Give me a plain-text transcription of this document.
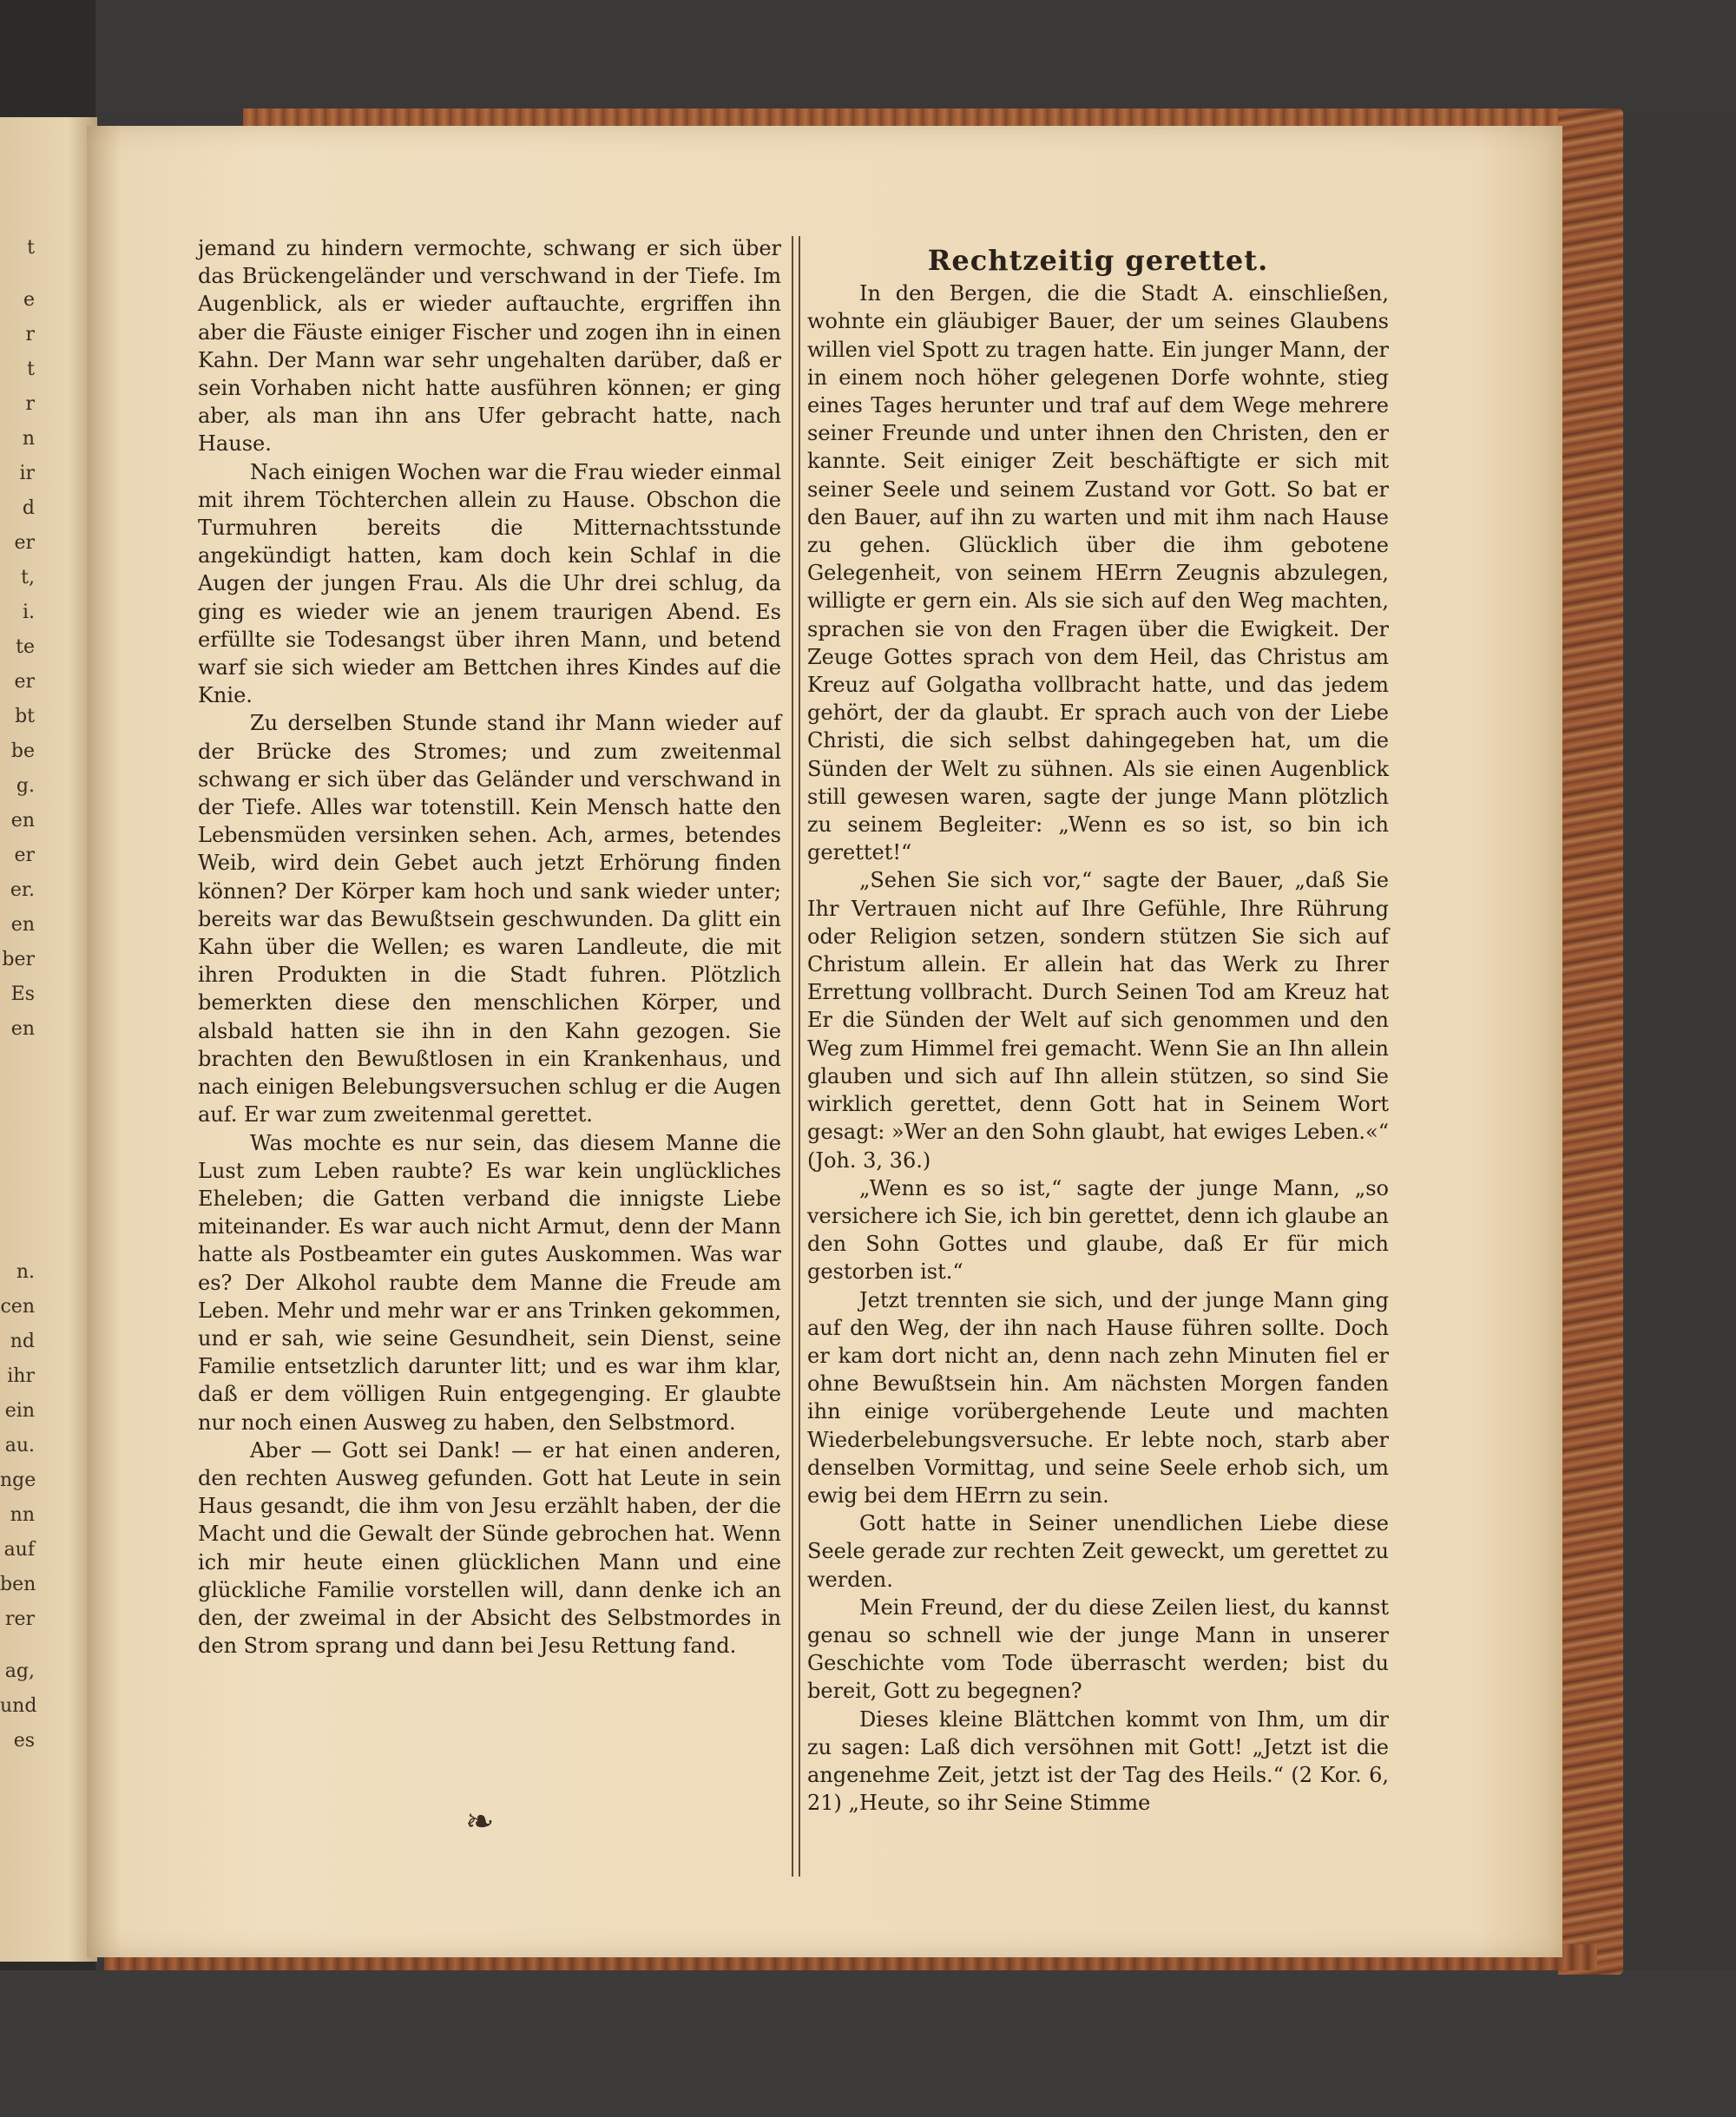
t
e
r
t
r
n
ir
d
er
t,
i.
te
er
bt
be
g.
en
er
er.
en
ber
Es
en
n.
cen
nd
ihr
ein
au.
nge
nn
auf
ben
rer
ag,
und
es

jemand zu hindern vermochte, schwang er sich über das Brückengeländer und verschwand in der Tiefe. Im Augenblick, als er wieder auftauchte, ergriffen ihn aber die Fäuste einiger Fischer und zogen ihn in einen Kahn. Der Mann war sehr ungehalten darüber, daß er sein Vorhaben nicht hatte ausführen können; er ging aber, als man ihn ans Ufer gebracht hatte, nach Hause.

Nach einigen Wochen war die Frau wieder einmal mit ihrem Töchterchen allein zu Hause. Obschon die Turmuhren bereits die Mitternachtsstunde angekündigt hatten, kam doch kein Schlaf in die Augen der jungen Frau. Als die Uhr drei schlug, da ging es wieder wie an jenem traurigen Abend. Es erfüllte sie Todesangst über ihren Mann, und betend warf sie sich wieder am Bettchen ihres Kindes auf die Knie.

Zu derselben Stunde stand ihr Mann wieder auf der Brücke des Stromes; und zum zweitenmal schwang er sich über das Geländer und verschwand in der Tiefe. Alles war totenstill. Kein Mensch hatte den Lebensmüden versinken sehen. Ach, armes, betendes Weib, wird dein Gebet auch jetzt Erhörung finden können? Der Körper kam hoch und sank wieder unter; bereits war das Bewußtsein geschwunden. Da glitt ein Kahn über die Wellen; es waren Landleute, die mit ihren Produkten in die Stadt fuhren. Plötzlich bemerkten diese den menschlichen Körper, und alsbald hatten sie ihn in den Kahn gezogen. Sie brachten den Bewußtlosen in ein Krankenhaus, und nach einigen Belebungsversuchen schlug er die Augen auf. Er war zum zweitenmal gerettet.

Was mochte es nur sein, das diesem Manne die Lust zum Leben raubte? Es war kein unglückliches Eheleben; die Gatten verband die innigste Liebe miteinander. Es war auch nicht Armut, denn der Mann hatte als Postbeamter ein gutes Auskommen. Was war es? Der Alkohol raubte dem Manne die Freude am Leben. Mehr und mehr war er ans Trinken gekommen, und er sah, wie seine Gesundheit, sein Dienst, seine Familie entsetzlich darunter litt; und es war ihm klar, daß er dem völligen Ruin entgegenging. Er glaubte nur noch einen Ausweg zu haben, den Selbstmord.

Aber — Gott sei Dank! — er hat einen anderen, den rechten Ausweg gefunden. Gott hat Leute in sein Haus gesandt, die ihm von Jesu erzählt haben, der die Macht und die Gewalt der Sünde gebrochen hat. Wenn ich mir heute einen glücklichen Mann und eine glückliche Familie vorstellen will, dann denke ich an den, der zweimal in der Absicht des Selbstmordes in den Strom sprang und dann bei Jesu Rettung fand.

❧
Rechtzeitig gerettet.

In den Bergen, die die Stadt A. einschließen, wohnte ein gläubiger Bauer, der um seines Glaubens willen viel Spott zu tragen hatte. Ein junger Mann, der in einem noch höher gelegenen Dorfe wohnte, stieg eines Tages herunter und traf auf dem Wege mehrere seiner Freunde und unter ihnen den Christen, den er kannte. Seit einiger Zeit beschäftigte er sich mit seiner Seele und seinem Zustand vor Gott. So bat er den Bauer, auf ihn zu warten und mit ihm nach Hause zu gehen. Glücklich über die ihm gebotene Gelegenheit, von seinem HErrn Zeugnis abzulegen, willigte er gern ein. Als sie sich auf den Weg machten, sprachen sie von den Fragen über die Ewigkeit. Der Zeuge Gottes sprach von dem Heil, das Christus am Kreuz auf Golgatha vollbracht hatte, und das jedem gehört, der da glaubt. Er sprach auch von der Liebe Christi, die sich selbst dahingegeben hat, um die Sünden der Welt zu sühnen. Als sie einen Augenblick still gewesen waren, sagte der junge Mann plötzlich zu seinem Begleiter: „Wenn es so ist, so bin ich gerettet!“

„Sehen Sie sich vor,“ sagte der Bauer, „daß Sie Ihr Vertrauen nicht auf Ihre Gefühle, Ihre Rührung oder Religion setzen, sondern stützen Sie sich auf Christum allein. Er allein hat das Werk zu Ihrer Errettung vollbracht. Durch Seinen Tod am Kreuz hat Er die Sünden der Welt auf sich genommen und den Weg zum Himmel frei gemacht. Wenn Sie an Ihn allein glauben und sich auf Ihn allein stützen, so sind Sie wirklich gerettet, denn Gott hat in Seinem Wort gesagt: »Wer an den Sohn glaubt, hat ewiges Leben.«“ (Joh. 3, 36.)

„Wenn es so ist,“ sagte der junge Mann, „so versichere ich Sie, ich bin gerettet, denn ich glaube an den Sohn Gottes und glaube, daß Er für mich gestorben ist.“

Jetzt trennten sie sich, und der junge Mann ging auf den Weg, der ihn nach Hause führen sollte. Doch er kam dort nicht an, denn nach zehn Minuten fiel er ohne Bewußtsein hin. Am nächsten Morgen fanden ihn einige vorübergehende Leute und machten Wiederbelebungsversuche. Er lebte noch, starb aber denselben Vormittag, und seine Seele erhob sich, um ewig bei dem HErrn zu sein.

Gott hatte in Seiner unendlichen Liebe diese Seele gerade zur rechten Zeit geweckt, um gerettet zu werden.

Mein Freund, der du diese Zeilen liest, du kannst genau so schnell wie der junge Mann in unserer Geschichte vom Tode überrascht werden; bist du bereit, Gott zu begegnen?

Dieses kleine Blättchen kommt von Ihm, um dir zu sagen: Laß dich versöhnen mit Gott! „Jetzt ist die angenehme Zeit, jetzt ist der Tag des Heils.“ (2 Kor. 6, 21) „Heute, so ihr Seine Stimme
